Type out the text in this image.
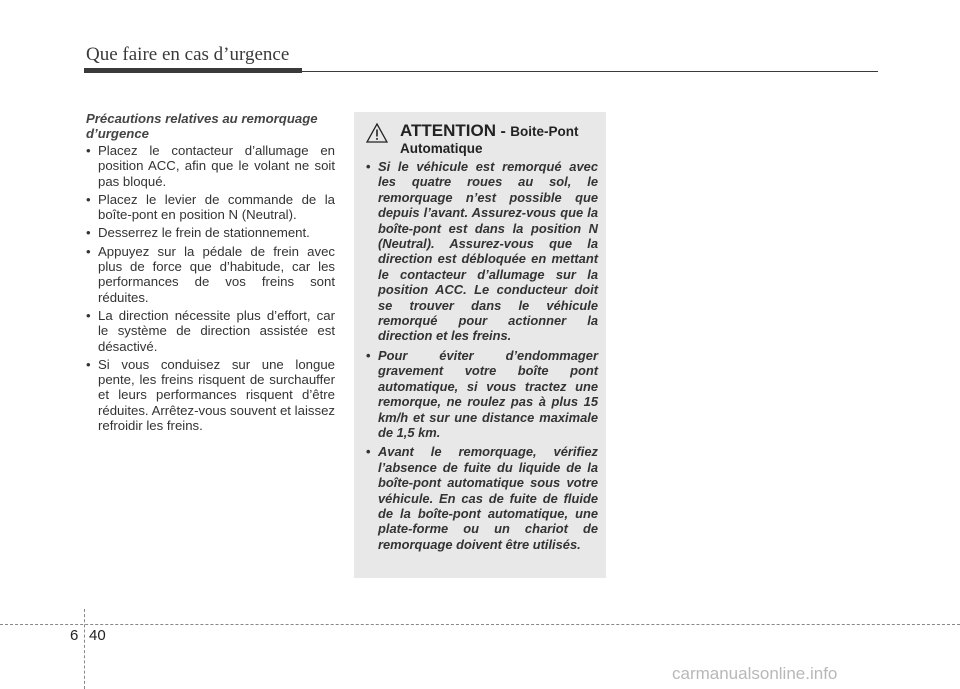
Que faire en cas d’urgence

Précautions relatives au remorquage d’urgence

• Placez le contacteur d’allumage en position ACC, afin que le volant ne soit pas bloqué.
• Placez le levier de commande de la boîte-pont en position N (Neutral).
• Desserrez le frein de stationnement.
• Appuyez sur la pédale de frein avec plus de force que d’habitude, car les performances de vos freins sont réduites.
• La direction nécessite plus d’effort, car le système de direction assistée est désactivé.
• Si vous conduisez sur une longue pente, les freins risquent de surchauffer et leurs performances risquent d’être réduites. Arrêtez-vous souvent et laissez refroidir les freins.
ATTENTION - Boite-Pont
Automatique
• Si le véhicule est remorqué avec les quatre roues au sol, le remorquage n’est possible que depuis l’avant. Assurez-vous que la boîte-pont est dans la position N (Neutral). Assurez-vous que la direction est débloquée en mettant le contacteur d’allumage sur la position ACC. Le conducteur doit se trouver dans le véhicule remorqué pour actionner la direction et les freins.
• Pour éviter d’endommager gravement votre boîte pont automatique, si vous tractez une remorque, ne roulez pas à plus 15 km/h et sur une distance maximale de 1,5 km.
• Avant le remorquage, vérifiez l’absence de fuite du liquide de la boîte-pont automatique sous votre véhicule. En cas de fuite de fluide de la boîte-pont automatique, une plate-forme ou un chariot de remorquage doivent être utilisés.
6 40
carmanualsonline.info
